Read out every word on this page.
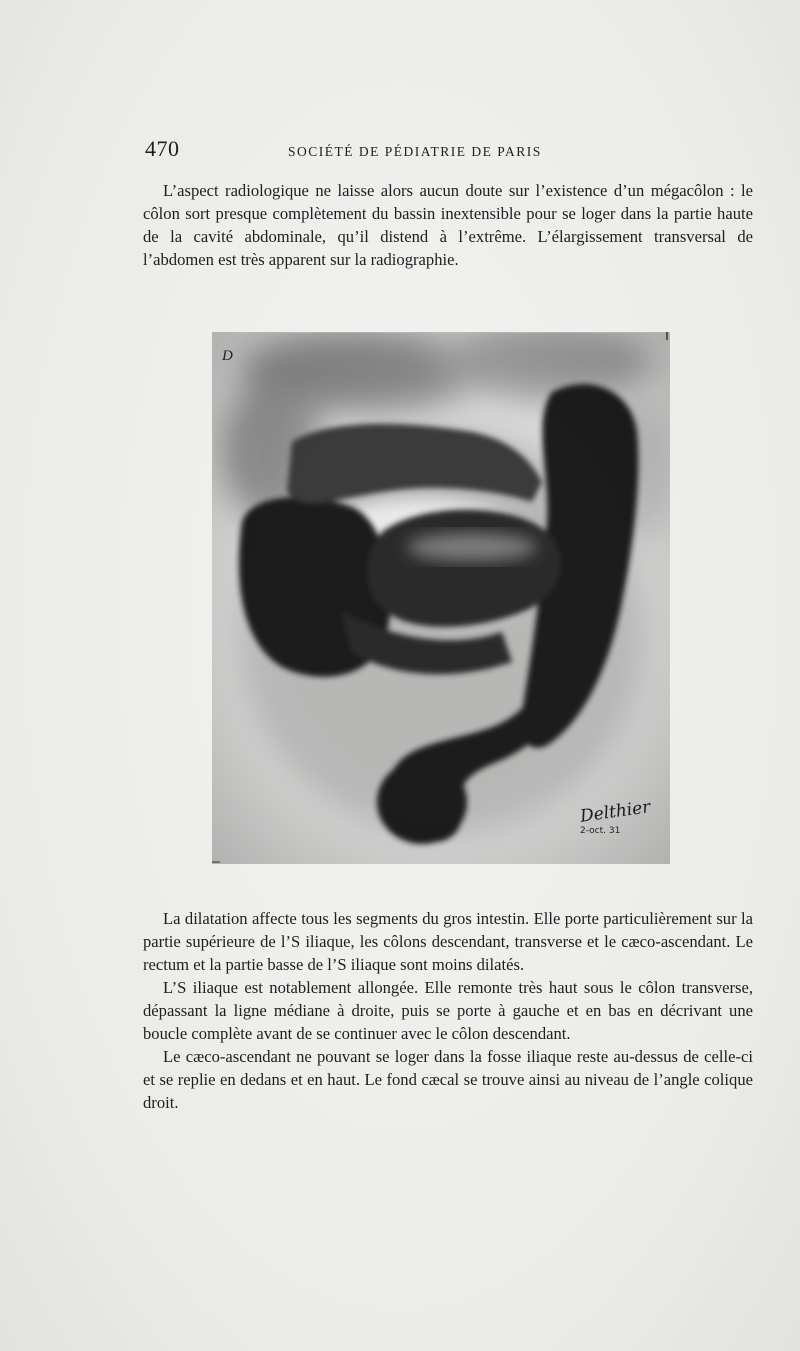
470	SOCIÉTÉ DE PÉDIATRIE DE PARIS

L’aspect radiologique ne laisse alors aucun doute sur l’existence d’un mégacôlon : le côlon sort presque complètement du bassin inextensible pour se loger dans la partie haute de la cavité abdominale, qu’il distend à l’extrême. L’élargissement transversal de l’abdomen est très apparent sur la radiographie.

D
Delthier
2-oct. 31

La dilatation affecte tous les segments du gros intestin. Elle porte particulièrement sur la partie supérieure de l’S iliaque, les côlons descendant, transverse et le cæco-ascendant. Le rectum et la partie basse de l’S iliaque sont moins dilatés.

L’S iliaque est notablement allongée. Elle remonte très haut sous le côlon transverse, dépassant la ligne médiane à droite, puis se porte à gauche et en bas en décrivant une boucle complète avant de se continuer avec le côlon descendant.

Le cæco-ascendant ne pouvant se loger dans la fosse iliaque reste au-dessus de celle-ci et se replie en dedans et en haut. Le fond cæcal se trouve ainsi au niveau de l’angle colique droit.
